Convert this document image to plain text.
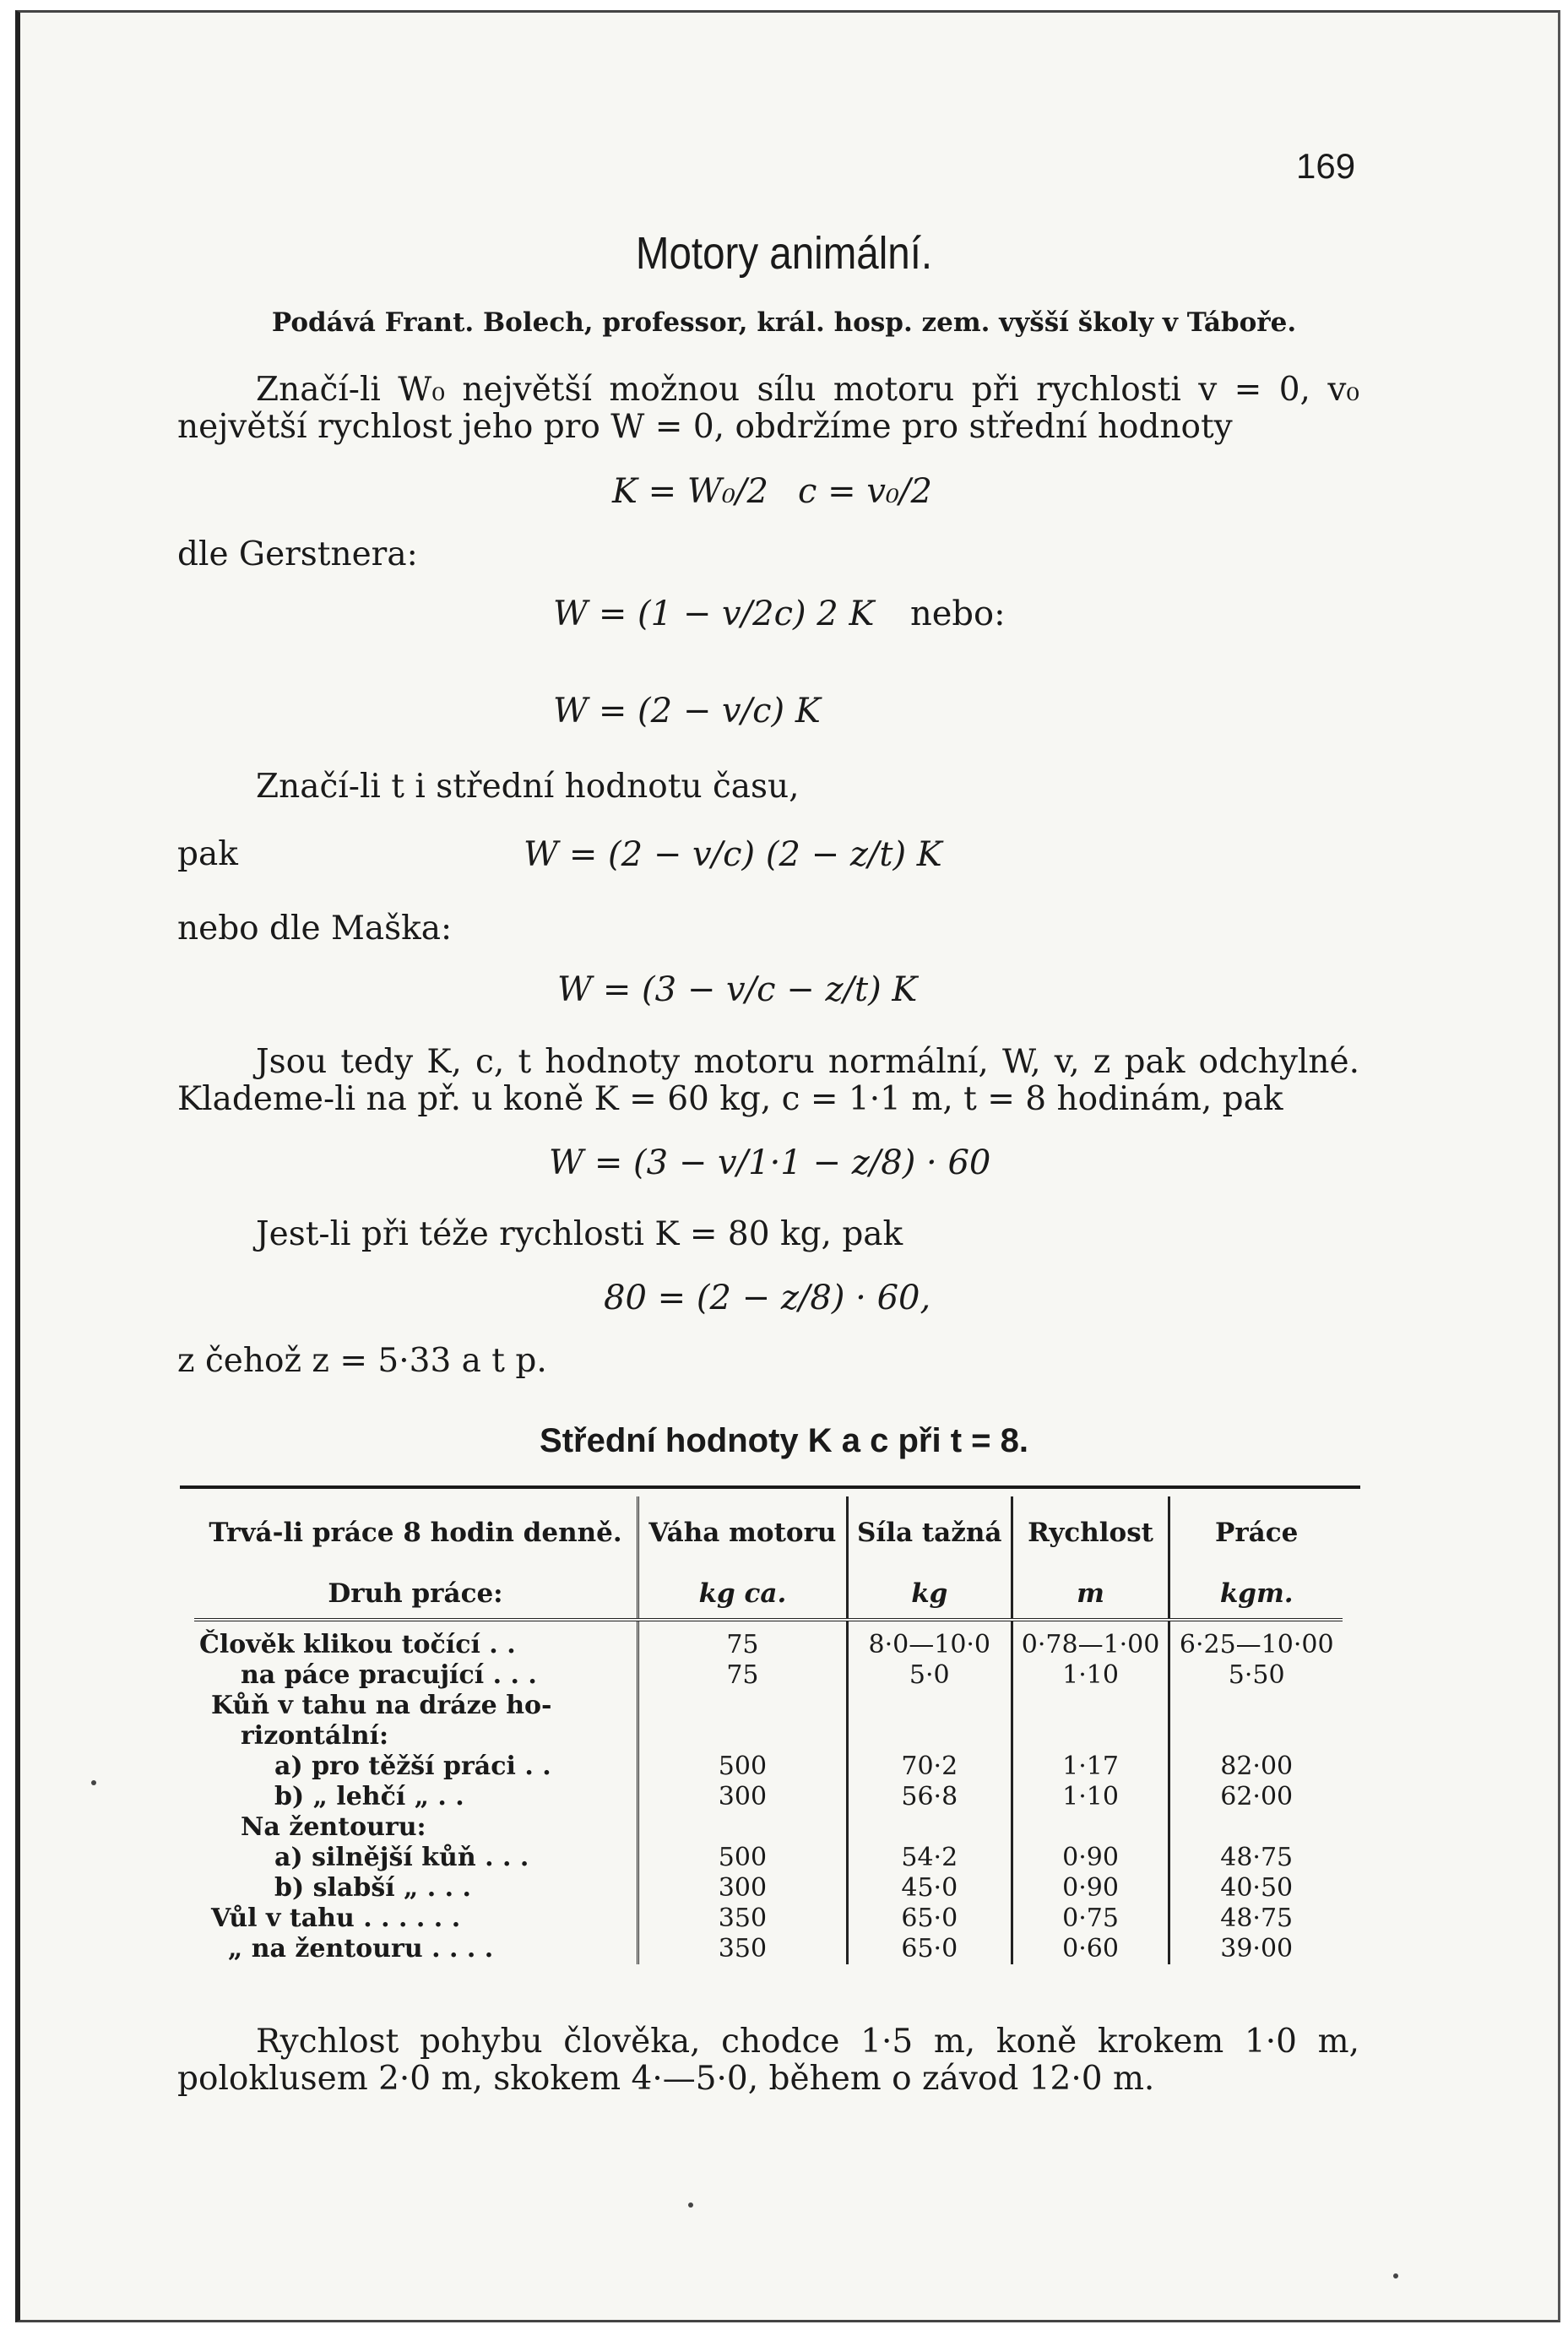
169
Motory animální.
Podává Frant. Bolech, professor, král. hosp. zem. vyšší školy v Táboře.
Značí-li W₀ největší možnou sílu motoru při rychlosti v = 0, v₀ největší rychlost jeho pro W = 0, obdržíme pro střední hodnoty
K = W₀/2 c = v₀/2
dle Gerstnera:
W = (1 − v/2c) 2 K nebo:
W = (2 − v/c) K
Značí-li t i střední hodnotu času,
pak	W = (2 − v/c) (2 − z/t) K
nebo dle Maška:
W = (3 − v/c − z/t) K
Jsou tedy K, c, t hodnoty motoru normální, W, v, z pak odchylné. Klademe-li na př. u koně K = 60 kg, c = 1·1 m, t = 8 hodinám, pak
W = (3 − v/1·1 − z/8) · 60
Jest-li při téže rychlosti K = 80 kg, pak
80 = (2 − z/8) · 60,
z čehož z = 5·33 a t p.
Střední hodnoty K a c při t = 8.
Trvá-li práce 8 hodin denně.	Váha motoru	Síla tažná	Rychlost	Práce
Druh práce:	kg ca.	kg	m	kgm.
Člověk klikou točící . .	75	8·0—10·0	0·78—1·00	6·25—10·00
na páce pracující . . .	75	5·0	1·10	5·50
Kůň v tahu na dráze ho-				
rizontální:				
a) pro těžší práci . .	500	70·2	1·17	82·00
b) „ lehčí „ . .	300	56·8	1·10	62·00
Na žentouru:				
a) silnější kůň . . .	500	54·2	0·90	48·75
b) slabší „ . . .	300	45·0	0·90	40·50
Vůl v tahu . . . . . .	350	65·0	0·75	48·75
„ na žentouru . . . .	350	65·0	0·60	39·00
Rychlost pohybu člověka, chodce 1·5 m, koně krokem 1·0 m, poloklusem 2·0 m, skokem 4·—5·0, během o závod 12·0 m.
